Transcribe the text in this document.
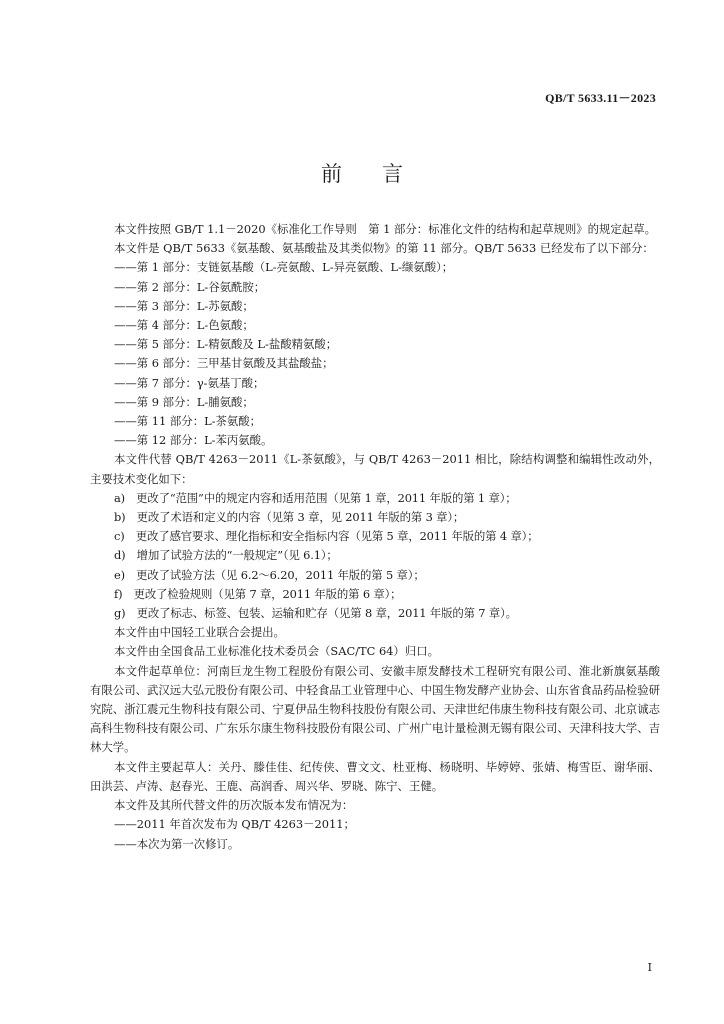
QB/T 5633.11－2023
前言

本文件按照 GB/T 1.1－2020《标准化工作导则　第 1 部分：标准化文件的结构和起草规则》的规定起草。

本文件是 QB/T 5633《氨基酸、氨基酸盐及其类似物》的第 11 部分。QB/T 5633 已经发布了以下部分：

——第 1 部分：支链氨基酸（L-亮氨酸、L-异亮氨酸、L-缬氨酸）；

——第 2 部分：L-谷氨酰胺；

——第 3 部分：L-苏氨酸；

——第 4 部分：L-色氨酸；

——第 5 部分：L-精氨酸及 L-盐酸精氨酸；

——第 6 部分：三甲基甘氨酸及其盐酸盐；

——第 7 部分：γ-氨基丁酸；

——第 9 部分：L-脯氨酸；

——第 11 部分：L-茶氨酸；

——第 12 部分：L-苯丙氨酸。

本文件代替 QB/T 4263－2011《L-茶氨酸》，与 QB/T 4263－2011 相比，除结构调整和编辑性改动外，主要技术变化如下：

a)　更改了“范围”中的规定内容和适用范围（见第 1 章，2011 年版的第 1 章）；

b)　更改了术语和定义的内容（见第 3 章，见 2011 年版的第 3 章）；

c)　更改了感官要求、理化指标和安全指标内容（见第 5 章，2011 年版的第 4 章）；

d)　增加了试验方法的“一般规定”（见 6.1）；

e)　更改了试验方法（见 6.2～6.20，2011 年版的第 5 章）；

f)　更改了检验规则（见第 7 章，2011 年版的第 6 章）；

g)　更改了标志、标签、包装、运输和贮存（见第 8 章，2011 年版的第 7 章）。

本文件由中国轻工业联合会提出。

本文件由全国食品工业标准化技术委员会（SAC/TC 64）归口。

本文件起草单位：河南巨龙生物工程股份有限公司、安徽丰原发酵技术工程研究有限公司、淮北新旗氨基酸有限公司、武汉远大弘元股份有限公司、中轻食品工业管理中心、中国生物发酵产业协会、山东省食品药品检验研究院、浙江震元生物科技有限公司、宁夏伊品生物科技股份有限公司、天津世纪伟康生物科技有限公司、北京诚志高科生物科技有限公司、广东乐尔康生物科技股份有限公司、广州广电计量检测无锡有限公司、天津科技大学、吉林大学。

本文件主要起草人：关丹、滕佳佳、纪传侠、曹文文、杜亚梅、杨晓明、毕婷婷、张婧、梅雪臣、谢华丽、田洪芸、卢涛、赵春光、王鹿、高润香、周兴华、罗晓、陈宁、王健。

本文件及其所代替文件的历次版本发布情况为：

——2011 年首次发布为 QB/T 4263－2011；

——本次为第一次修订。

I
